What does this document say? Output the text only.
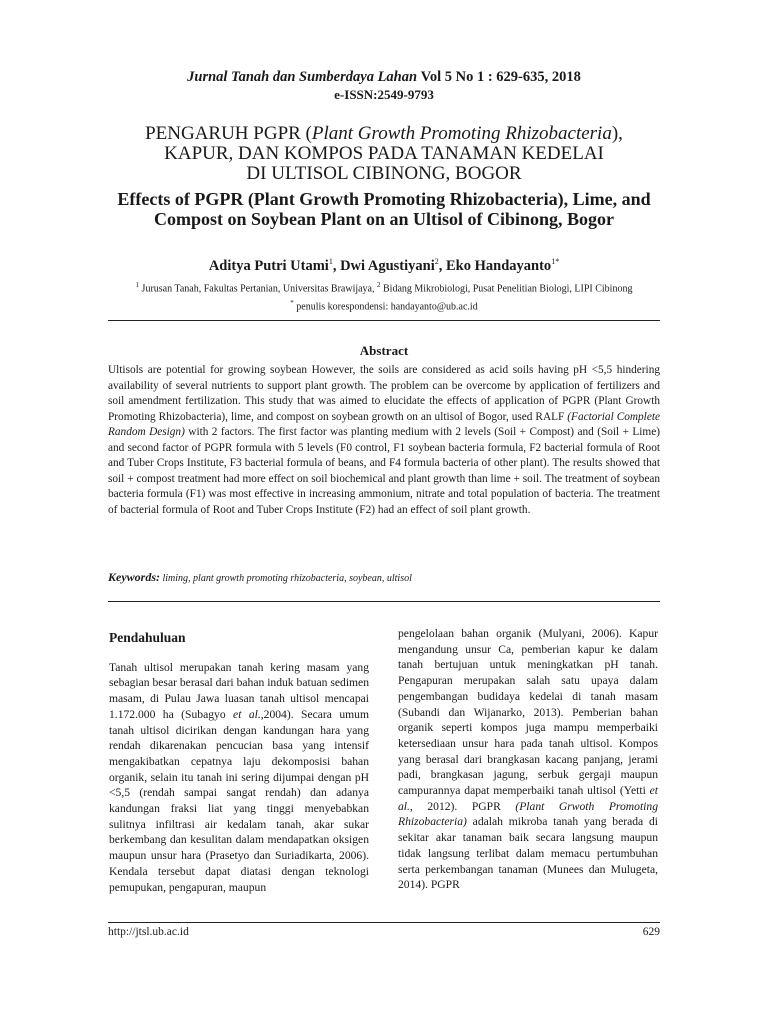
Jurnal Tanah dan Sumberdaya Lahan Vol 5 No 1 : 629-635, 2018
e-ISSN:2549-9793
PENGARUH PGPR (Plant Growth Promoting Rhizobacteria),
KAPUR, DAN KOMPOS PADA TANAMAN KEDELAI
DI ULTISOL CIBINONG, BOGOR
Effects of PGPR (Plant Growth Promoting Rhizobacteria), Lime, and
Compost on Soybean Plant on an Ultisol of Cibinong, Bogor
Aditya Putri Utami$^1$, Dwi Agustiyani$^2$, Eko Handayanto$^{1*}$
$^1$ Jurusan Tanah, Fakultas Pertanian, Universitas Brawijaya, $^2$ Bidang Mikrobiologi, Pusat Penelitian Biologi, LIPI Cibinong
* penulis korespondensi: handayanto@ub.ac.id
Abstract
Ultisols are potential for growing soybean However, the soils are considered as acid soils having pH <5,5 hindering availability of several nutrients to support plant growth. The problem can be overcome by application of fertilizers and soil amendment fertilization. This study that was aimed to elucidate the effects of application of PGPR (Plant Growth Promoting Rhizobacteria), lime, and compost on soybean growth on an ultisol of Bogor, used RALF (Factorial Complete Random Design) with 2 factors. The first factor was planting medium with 2 levels (Soil + Compost) and (Soil + Lime) and second factor of PGPR formula with 5 levels (F0 control, F1 soybean bacteria formula, F2 bacterial formula of Root and Tuber Crops Institute, F3 bacterial formula of beans, and F4 formula bacteria of other plant). The results showed that soil + compost treatment had more effect on soil biochemical and plant growth than lime + soil. The treatment of soybean bacteria formula (F1) was most effective in increasing ammonium, nitrate and total population of bacteria. The treatment of bacterial formula of Root and Tuber Crops Institute (F2) had an effect of soil plant growth.
Keywords: liming, plant growth promoting rhizobacteria, soybean, ultisol
Pendahuluan

Tanah ultisol merupakan tanah kering masam yang sebagian besar berasal dari bahan induk batuan sedimen masam, di Pulau Jawa luasan tanah ultisol mencapai 1.172.000 ha (Subagyo et al.,2004). Secara umum tanah ultisol dicirikan dengan kandungan hara yang rendah dikarenakan pencucian basa yang intensif mengakibatkan cepatnya laju dekomposisi bahan organik, selain itu tanah ini sering dijumpai dengan pH <5,5 (rendah sampai sangat rendah) dan adanya kandungan fraksi liat yang tinggi menyebabkan sulitnya infiltrasi air kedalam tanah, akar sukar berkembang dan kesulitan dalam mendapatkan oksigen maupun unsur hara (Prasetyo dan Suriadikarta, 2006). Kendala tersebut dapat diatasi dengan teknologi pemupukan, pengapuran, maupun

pengelolaan bahan organik (Mulyani, 2006). Kapur mengandung unsur Ca, pemberian kapur ke dalam tanah bertujuan untuk meningkatkan pH tanah. Pengapuran merupakan salah satu upaya dalam pengembangan budidaya kedelai di tanah masam (Subandi dan Wijanarko, 2013). Pemberian bahan organik seperti kompos juga mampu memperbaiki ketersediaan unsur hara pada tanah ultisol. Kompos yang berasal dari brangkasan kacang panjang, jerami padi, brangkasan jagung, serbuk gergaji maupun campurannya dapat memperbaiki tanah ultisol (Yetti et al., 2012). PGPR (Plant Grwoth Promoting Rhizobacteria) adalah mikroba tanah yang berada di sekitar akar tanaman baik secara langsung maupun tidak langsung terlibat dalam memacu pertumbuhan serta perkembangan tanaman (Munees dan Mulugeta, 2014). PGPR

http://jtsl.ub.ac.id	629
